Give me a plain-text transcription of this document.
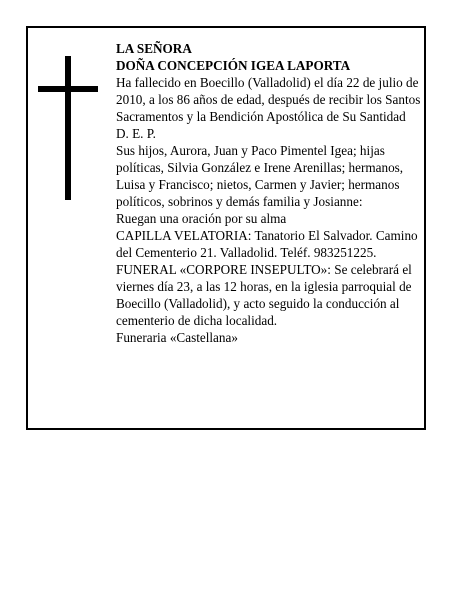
LA SEÑORA

DOÑA CONCEPCIÓN IGEA LAPORTA

Ha fallecido en Boecillo (Valladolid) el día 22 de julio de 2010, a los 86 años de edad, después de recibir los Santos Sacramentos y la Bendición Apostólica de Su Santidad

D. E. P.

Sus hijos, Aurora, Juan y Paco Pimentel Igea; hijas políticas, Silvia González e Irene Arenillas; hermanos, Luisa y Francisco; nietos, Carmen y Javier; hermanos políticos, sobrinos y demás familia y Josianne:

Ruegan una oración por su alma

CAPILLA VELATORIA: Tanatorio El Salvador. Camino del Cementerio 21. Valladolid. Teléf. 983251225.

FUNERAL «CORPORE INSEPULTO»: Se celebrará el viernes día 23, a las 12 horas, en la iglesia parroquial de Boecillo (Valladolid), y acto seguido la conducción al cementerio de dicha localidad.

Funeraria «Castellana»
